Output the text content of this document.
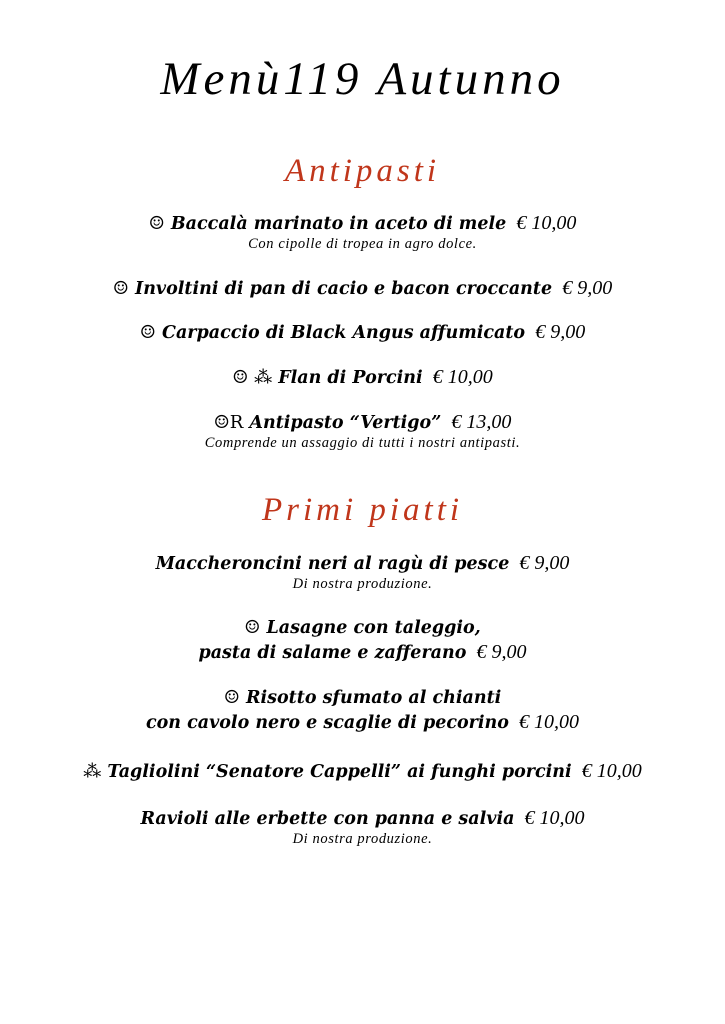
Menù119 Autunno
Antipasti
☺ Baccalà marinato in aceto di mele € 10,00
Con cipolle di tropea in agro dolce.
☺ Involtini di pan di cacio e bacon croccante € 9,00
☺ Carpaccio di Black Angus affumicato € 9,00
☺ ⁂ Flan di Porcini € 10,00
☺R Antipasto “Vertigo” € 13,00
Comprende un assaggio di tutti i nostri antipasti.
Primi piatti
Maccheroncini neri al ragù di pesce € 9,00
Di nostra produzione.
☺ Lasagne con taleggio,
pasta di salame e zafferano € 9,00
☺ Risotto sfumato al chianti
con cavolo nero e scaglie di pecorino € 10,00
⁂ Tagliolini “Senatore Cappelli” ai funghi porcini € 10,00
Ravioli alle erbette con panna e salvia € 10,00
Di nostra produzione.
